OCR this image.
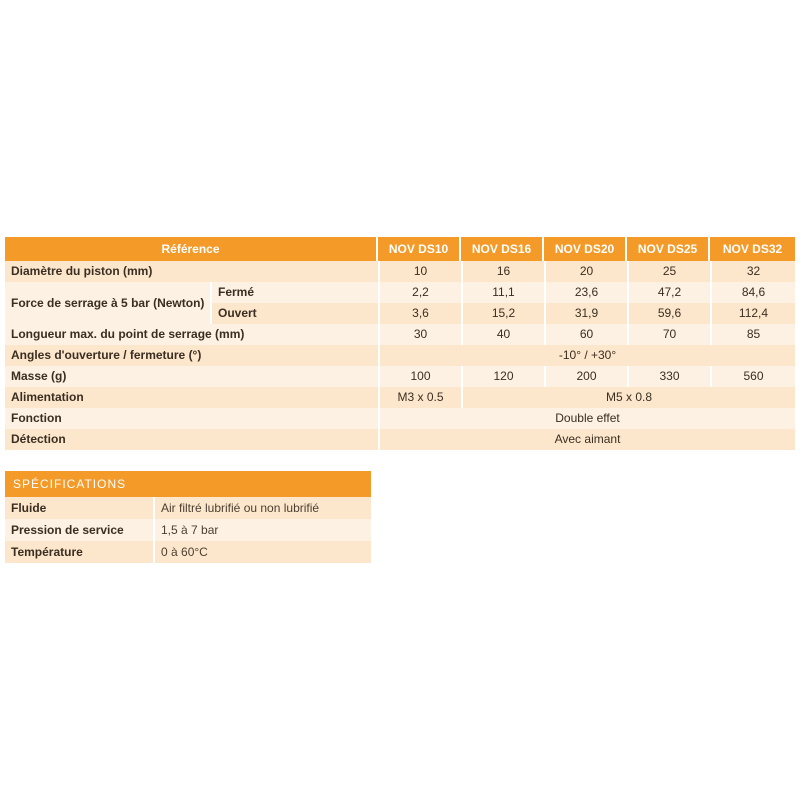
Référence		NOV DS10	NOV DS16	NOV DS20	NOV DS25	NOV DS32
Diamètre du piston (mm)		10	16	20	25	32
Force de serrage à 5 bar (Newton)	Fermé	2,2	11,1	23,6	47,2	84,6
	Ouvert	3,6	15,2	31,9	59,6	112,4
Longueur max. du point de serrage (mm)		30	40	60	70	85
Angles d'ouverture / fermeture (°)		-10° / +30°				
Masse (g)		100	120	200	330	560
Alimentation		M3 x 0.5	M5 x 0.8			
Fonction		Double effet				
Détection		Avec aimant				
SPÉCIFICATIONS	
Fluide	Air filtré lubrifié ou non lubrifié
Pression de service	1,5 à 7 bar
Température	0 à 60°C
